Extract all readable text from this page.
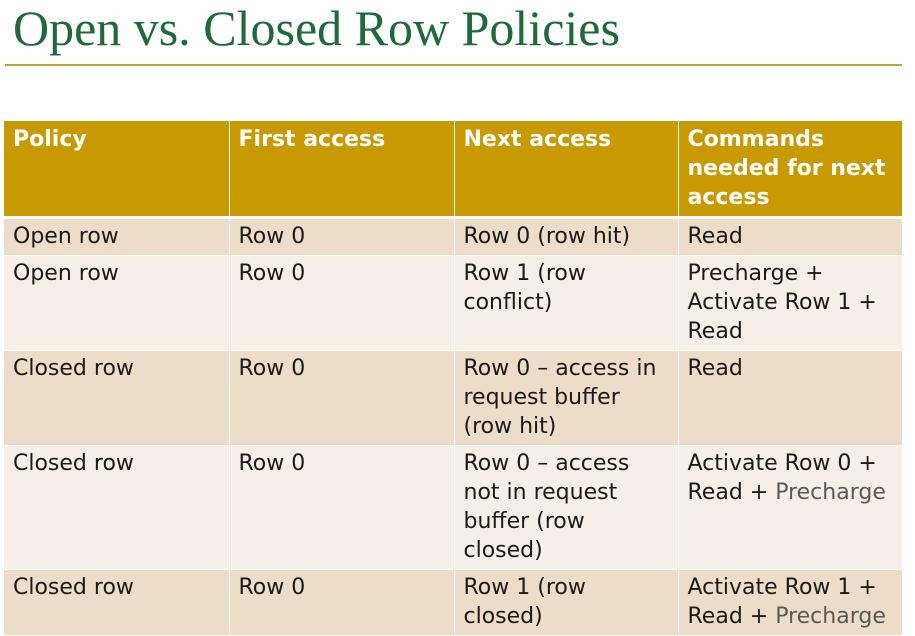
Open vs. Closed Row Policies
Policy	First access	Next access	Commands needed for next access
Open row	Row 0	Row 0 (row hit)	Read
Open row	Row 0	Row 1 (row conflict)	Precharge + Activate Row 1 + Read
Closed row	Row 0	Row 0 – access in request buffer (row hit)	Read
Closed row	Row 0	Row 0 – access not in request buffer (row closed)	Activate Row 0 + Read + Precharge
Closed row	Row 0	Row 1 (row closed)	Activate Row 1 + Read + Precharge
